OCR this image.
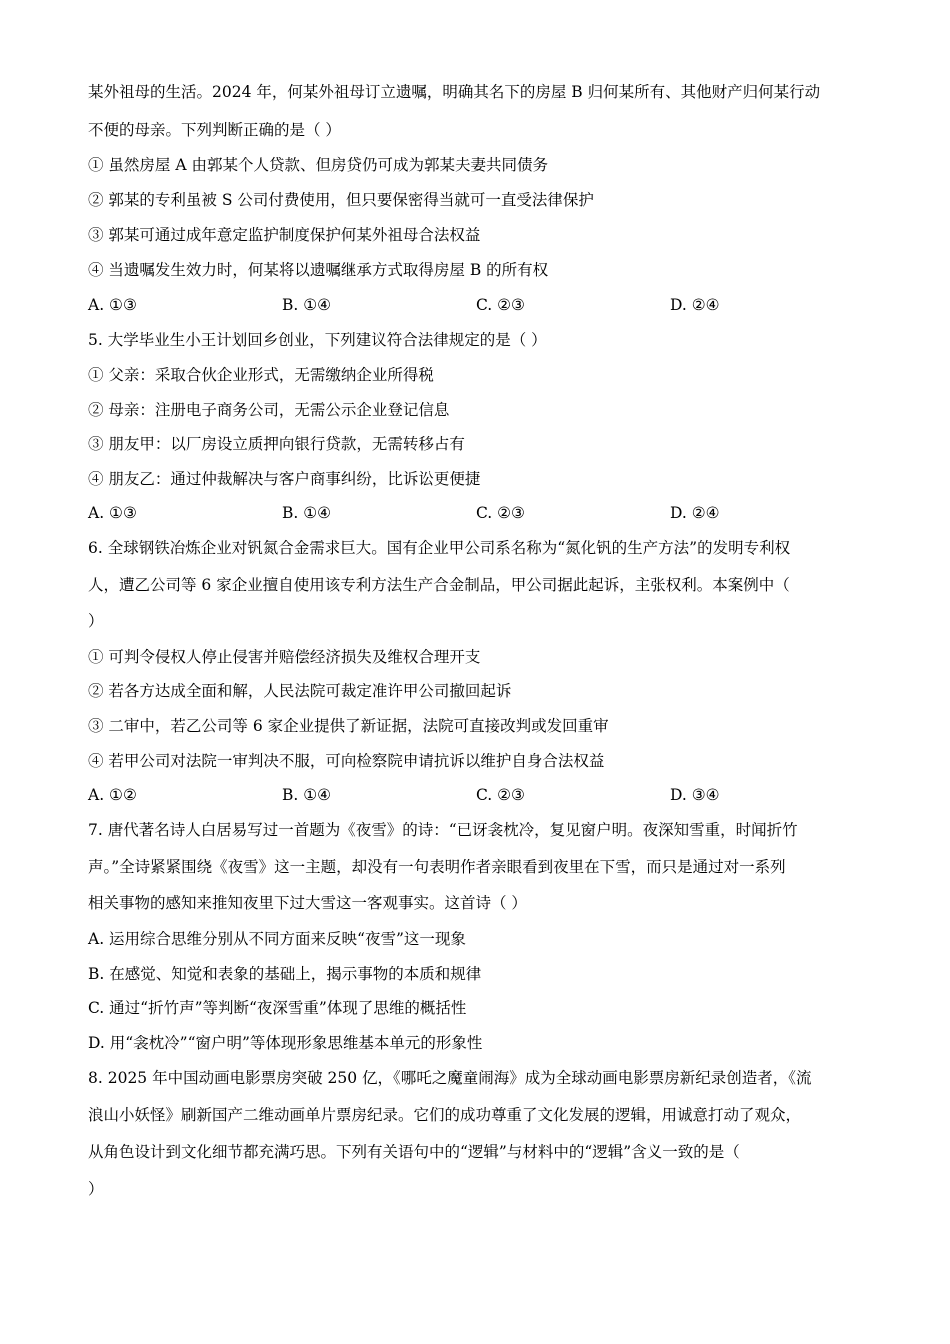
某外祖母的生活。2024 年，何某外祖母订立遗嘱，明确其名下的房屋 B 归何某所有、其他财产归何某行动
不便的母亲。下列判断正确的是（ ）
① 虽然房屋 A 由郭某个人贷款、但房贷仍可成为郭某夫妻共同债务
② 郭某的专利虽被 S 公司付费使用，但只要保密得当就可一直受法律保护
③ 郭某可通过成年意定监护制度保护何某外祖母合法权益
④ 当遗嘱发生效力时，何某将以遗嘱继承方式取得房屋 B 的所有权
A. ①③	B. ①④	C. ②③	D. ②④
5. 大学毕业生小王计划回乡创业，下列建议符合法律规定的是（ ）
① 父亲：采取合伙企业形式，无需缴纳企业所得税
② 母亲：注册电子商务公司，无需公示企业登记信息
③ 朋友甲：以厂房设立质押向银行贷款，无需转移占有
④ 朋友乙：通过仲裁解决与客户商事纠纷，比诉讼更便捷
A. ①③	B. ①④	C. ②③	D. ②④
6. 全球钢铁冶炼企业对钒氮合金需求巨大。国有企业甲公司系名称为“氮化钒的生产方法”的发明专利权
人，遭乙公司等 6 家企业擅自使用该专利方法生产合金制品，甲公司据此起诉，主张权利。本案例中（
）
① 可判令侵权人停止侵害并赔偿经济损失及维权合理开支
② 若各方达成全面和解，人民法院可裁定准许甲公司撤回起诉
③ 二审中，若乙公司等 6 家企业提供了新证据，法院可直接改判或发回重审
④ 若甲公司对法院一审判决不服，可向检察院申请抗诉以维护自身合法权益
A. ①②	B. ①④	C. ②③	D. ③④
7. 唐代著名诗人白居易写过一首题为《夜雪》的诗：“已讶衾枕冷，复见窗户明。夜深知雪重，时闻折竹
声。”全诗紧紧围绕《夜雪》这一主题，却没有一句表明作者亲眼看到夜里在下雪，而只是通过对一系列
相关事物的感知来推知夜里下过大雪这一客观事实。这首诗（ ）
A. 运用综合思维分别从不同方面来反映“夜雪”这一现象
B. 在感觉、知觉和表象的基础上，揭示事物的本质和规律
C. 通过“折竹声”等判断“夜深雪重”体现了思维的概括性
D. 用“衾枕冷”“窗户明”等体现形象思维基本单元的形象性
8. 2025 年中国动画电影票房突破 250 亿，《哪吒之魔童闹海》成为全球动画电影票房新纪录创造者，《流
浪山小妖怪》刷新国产二维动画单片票房纪录。它们的成功尊重了文化发展的逻辑，用诚意打动了观众，
从角色设计到文化细节都充满巧思。下列有关语句中的“逻辑”与材料中的“逻辑”含义一致的是（
）
